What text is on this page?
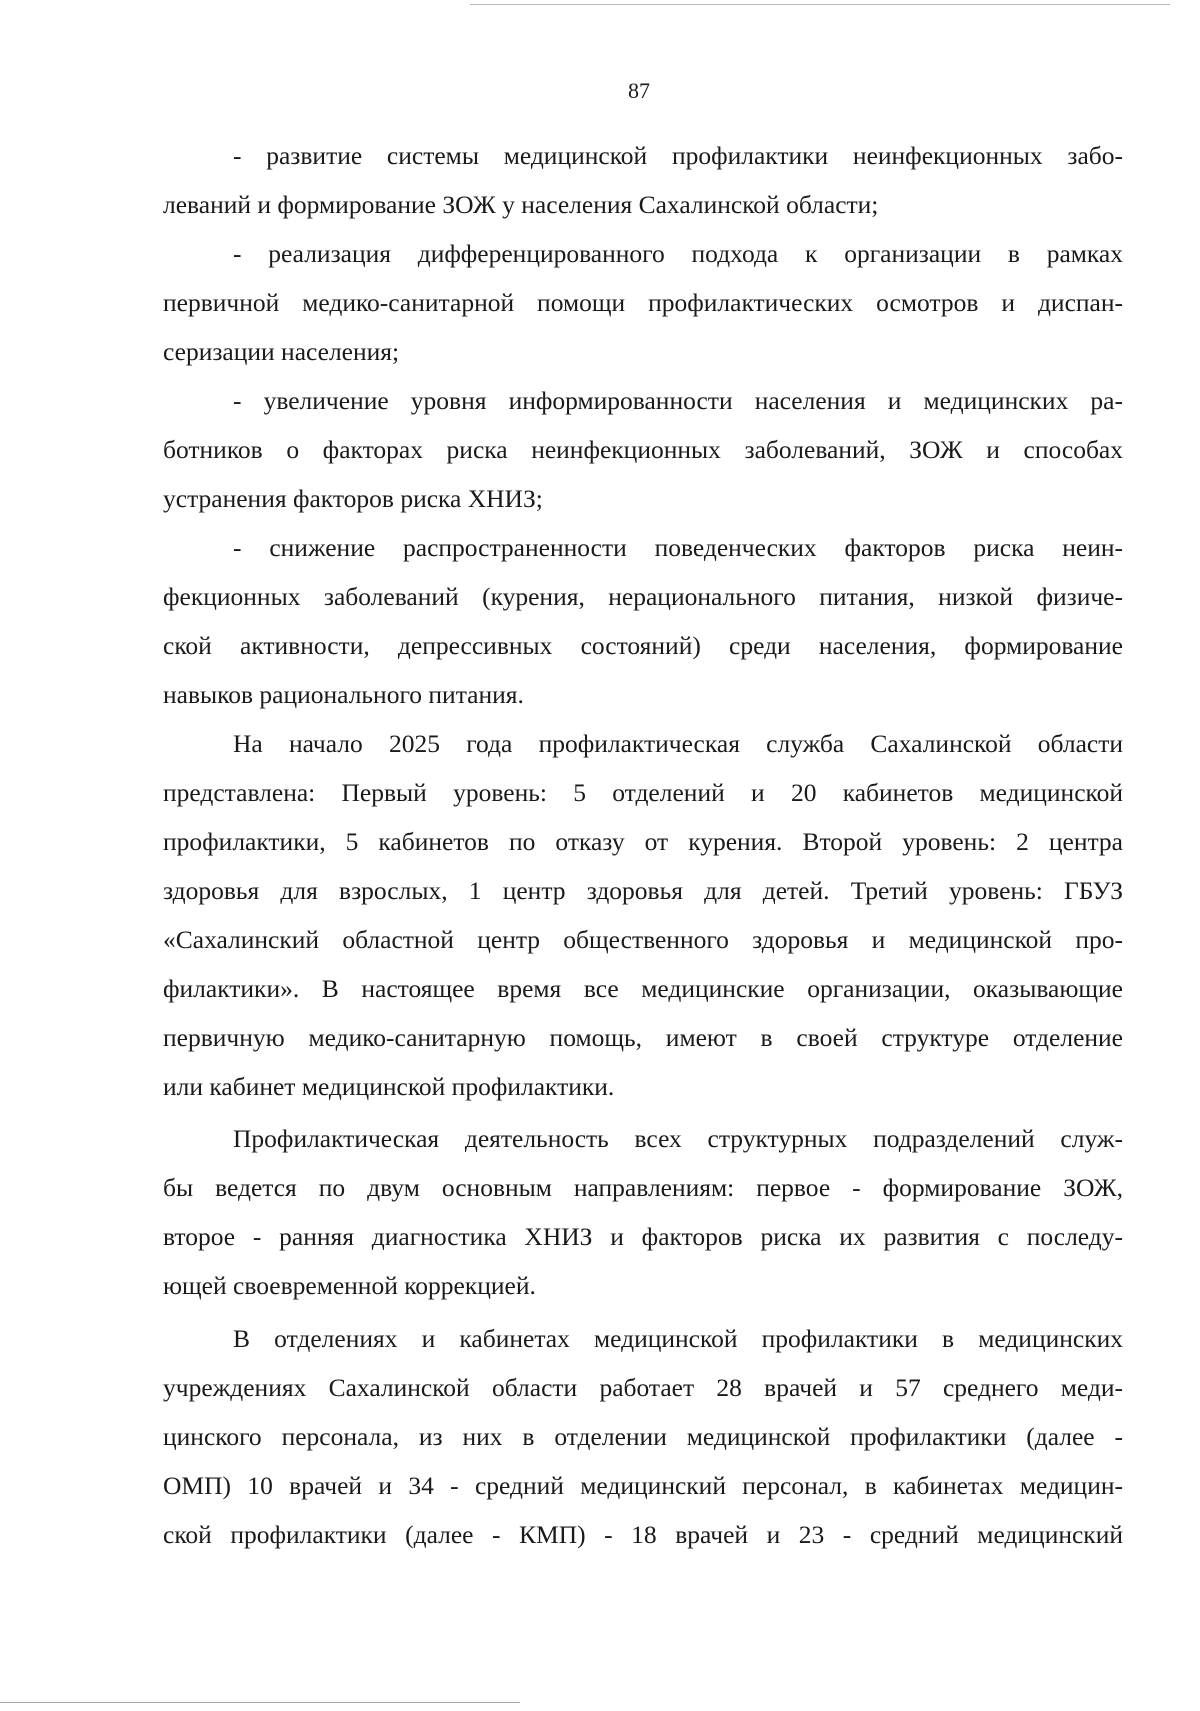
87
- развитие системы медицинской профилактики неинфекционных забо-
леваний и формирование ЗОЖ у населения Сахалинской области;
- реализация дифференцированного подхода к организации в рамках
первичной медико-санитарной помощи профилактических осмотров и диспан-
серизации населения;
- увеличение уровня информированности населения и медицинских ра-
ботников о факторах риска неинфекционных заболеваний, ЗОЖ и способах
устранения факторов риска ХНИЗ;
- снижение распространенности поведенческих факторов риска неин-
фекционных заболеваний (курения, нерационального питания, низкой физиче-
ской активности, депрессивных состояний) среди населения, формирование
навыков рационального питания.
На начало 2025 года профилактическая служба Сахалинской области
представлена: Первый уровень: 5 отделений и 20 кабинетов медицинской
профилактики, 5 кабинетов по отказу от курения. Второй уровень: 2 центра
здоровья для взрослых, 1 центр здоровья для детей. Третий уровень: ГБУЗ
«Сахалинский областной центр общественного здоровья и медицинской про-
филактики». В настоящее время все медицинские организации, оказывающие
первичную медико-санитарную помощь, имеют в своей структуре отделение
или кабинет медицинской профилактики.
Профилактическая деятельность всех структурных подразделений служ-
бы ведется по двум основным направлениям: первое - формирование ЗОЖ,
второе - ранняя диагностика ХНИЗ и факторов риска их развития с последу-
ющей своевременной коррекцией.
В отделениях и кабинетах медицинской профилактики в медицинских
учреждениях Сахалинской области работает 28 врачей и 57 среднего меди-
цинского персонала, из них в отделении медицинской профилактики (далее -
ОМП) 10 врачей и 34 - средний медицинский персонал, в кабинетах медицин-
ской профилактики (далее - КМП) - 18 врачей и 23 - средний медицинский
